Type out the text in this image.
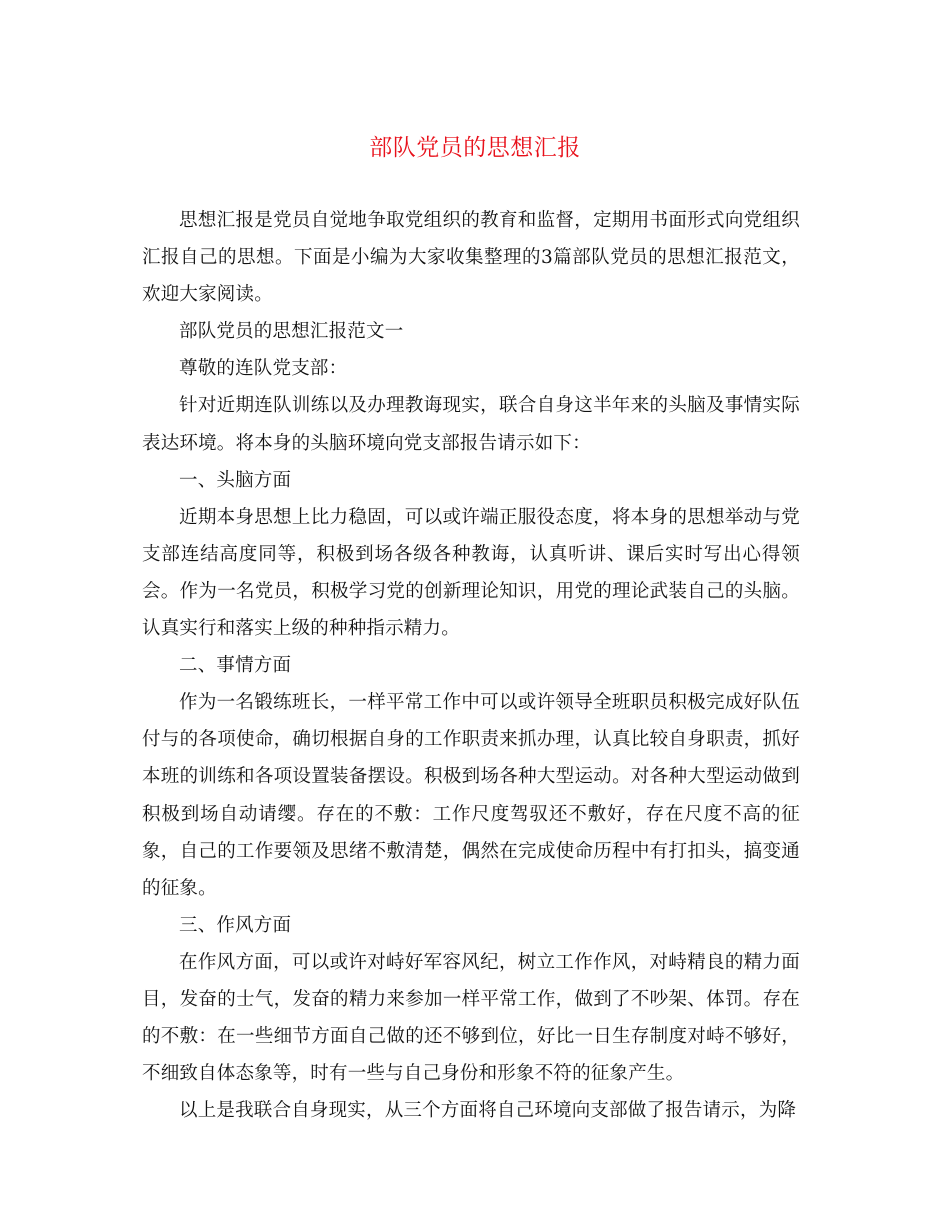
部队党员的思想汇报

思想汇报是党员自觉地争取党组织的教育和监督，定期用书面形式向党组织汇报自己的思想。下面是小编为大家收集整理的3篇部队党员的思想汇报范文，欢迎大家阅读。

部队党员的思想汇报范文一

尊敬的连队党支部：

针对近期连队训练以及办理教诲现实，联合自身这半年来的头脑及事情实际表达环境。将本身的头脑环境向党支部报告请示如下：

一、头脑方面

近期本身思想上比力稳固，可以或许端正服役态度，将本身的思想举动与党支部连结高度同等，积极到场各级各种教诲，认真听讲、课后实时写出心得领会。作为一名党员，积极学习党的创新理论知识，用党的理论武装自己的头脑。认真实行和落实上级的种种指示精力。

二、事情方面

作为一名锻练班长，一样平常工作中可以或许领导全班职员积极完成好队伍付与的各项使命，确切根据自身的工作职责来抓办理，认真比较自身职责，抓好本班的训练和各项设置装备摆设。积极到场各种大型运动。对各种大型运动做到积极到场自动请缨。存在的不敷：工作尺度驾驭还不敷好，存在尺度不高的征象，自己的工作要领及思绪不敷清楚，偶然在完成使命历程中有打扣头，搞变通的征象。

三、作风方面

在作风方面，可以或许对峙好军容风纪，树立工作作风，对峙精良的精力面目，发奋的士气，发奋的精力来参加一样平常工作，做到了不吵架、体罚。存在的不敷：在一些细节方面自己做的还不够到位，好比一日生存制度对峙不够好，不细致自体态象等，时有一些与自己身份和形象不符的征象产生。

以上是我联合自身现实，从三个方面将自己环境向支部做了报告请示，为降
